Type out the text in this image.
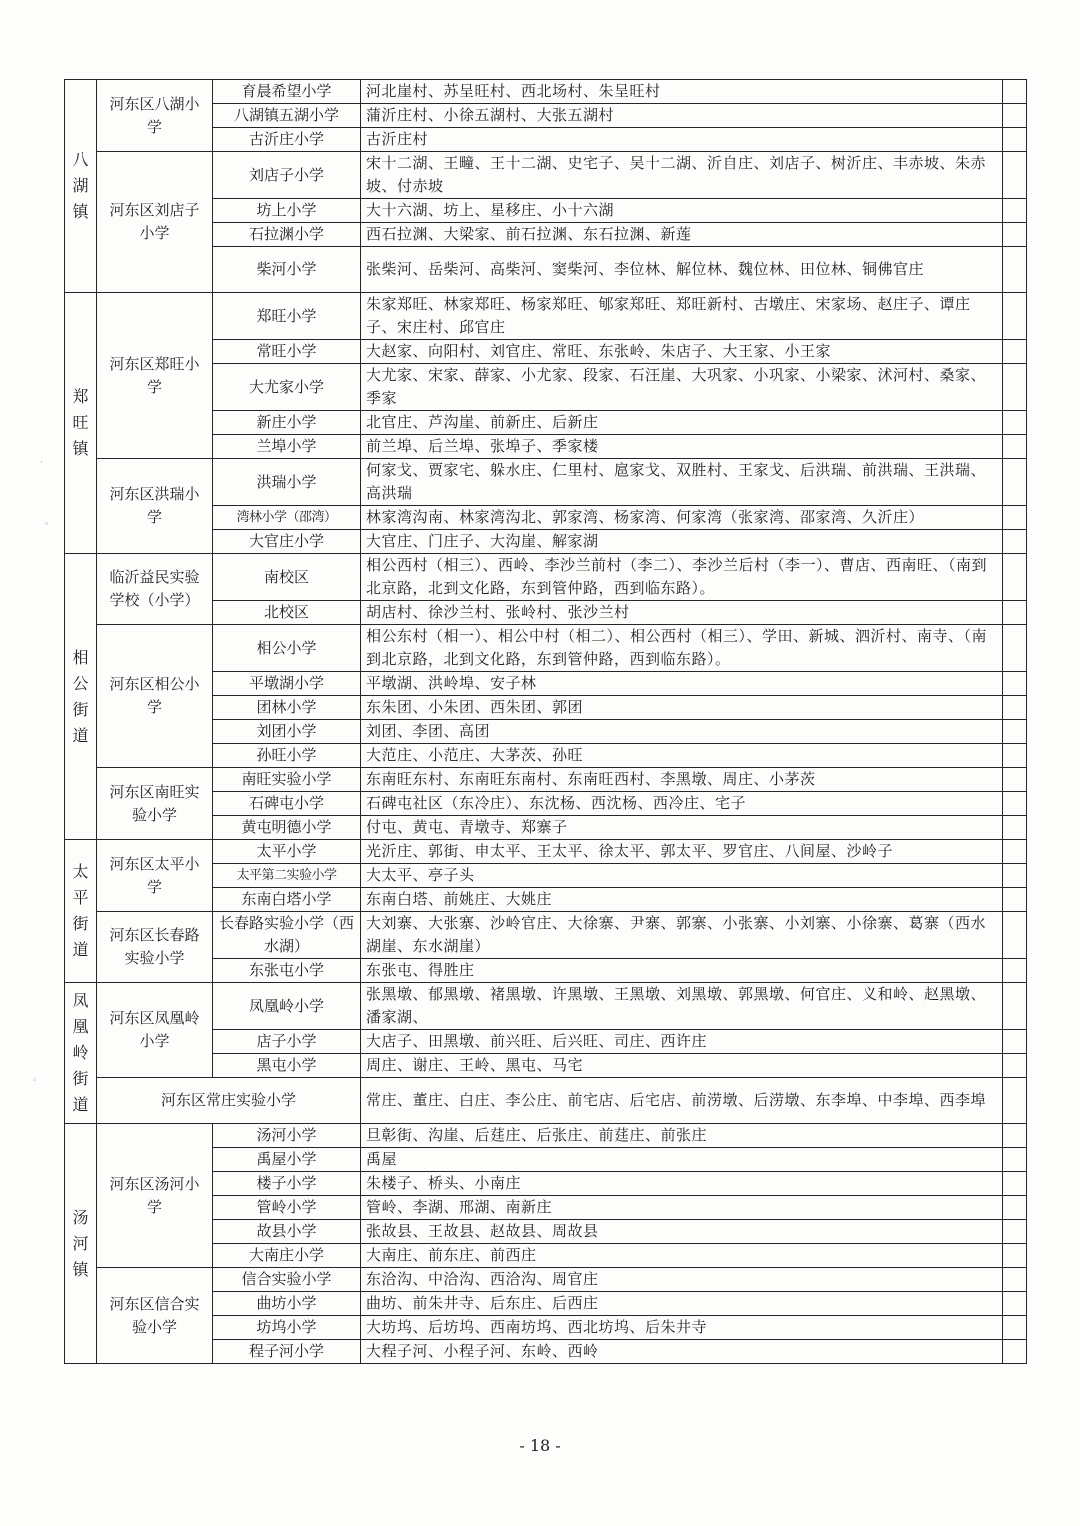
八湖镇	河东区八湖小学	育晨希望小学	河北崖村、苏呈旺村、西北场村、朱呈旺村	
		八湖镇五湖小学	蒲沂庄村、小徐五湖村、大张五湖村	
		古沂庄小学	古沂庄村	
	河东区刘店子小学	刘店子小学	宋十二湖、王疃、王十二湖、史宅子、吴十二湖、沂自庄、刘店子、树沂庄、丰赤坡、朱赤坡、付赤坡	
		坊上小学	大十六湖、坊上、星移庄、小十六湖	
		石拉渊小学	西石拉渊、大梁家、前石拉渊、东石拉渊、新莲	
		柴河小学	张柴河、岳柴河、高柴河、窦柴河、李位林、解位林、魏位林、田位林、铜佛官庄	

郑旺镇	河东区郑旺小学	郑旺小学	朱家郑旺、林家郑旺、杨家郑旺、郇家郑旺、郑旺新村、古墩庄、宋家场、赵庄子、谭庄子、宋庄村、邱官庄	
		常旺小学	大赵家、向阳村、刘官庄、常旺、东张岭、朱店子、大王家、小王家	
		大尤家小学	大尤家、宋家、薛家、小尤家、段家、石汪崖、大巩家、小巩家、小梁家、沭河村、桑家、季家	
		新庄小学	北官庄、芦沟崖、前新庄、后新庄	
		兰埠小学	前兰埠、后兰埠、张埠子、季家楼	
	河东区洪瑞小学	洪瑞小学	何家戈、贾家宅、躲水庄、仁里村、扈家戈、双胜村、王家戈、后洪瑞、前洪瑞、王洪瑞、高洪瑞	
		湾林小学（邵湾）	林家湾沟南、林家湾沟北、郭家湾、杨家湾、何家湾（张家湾、邵家湾、久沂庄）	
		大官庄小学	大官庄、门庄子、大沟崖、解家湖	

相公街道	临沂益民实验学校（小学）	南校区	相公西村（相三）、西岭、李沙兰前村（李二）、李沙兰后村（李一）、曹店、西南旺、（南到北京路，北到文化路，东到管仲路，西到临东路）。	
		北校区	胡店村、徐沙兰村、张岭村、张沙兰村	
	河东区相公小学	相公小学	相公东村（相一）、相公中村（相二）、相公西村（相三）、学田、新城、泗沂村、南寺、（南到北京路，北到文化路，东到管仲路，西到临东路）。	
		平墩湖小学	平墩湖、洪岭埠、安子林	
		团林小学	东朱团、小朱团、西朱团、郭团	
		刘团小学	刘团、李团、高团	
		孙旺小学	大范庄、小范庄、大茅茨、孙旺	
	河东区南旺实验小学	南旺实验小学	东南旺东村、东南旺东南村、东南旺西村、李黑墩、周庄、小茅茨	
		石碑屯小学	石碑屯社区（东冷庄）、东沈杨、西沈杨、西冷庄、宅子	
		黄屯明德小学	付屯、黄屯、青墩寺、郑寨子	

太平街道	河东区太平小学	太平小学	光沂庄、郭街、申太平、王太平、徐太平、郭太平、罗官庄、八间屋、沙岭子	
		太平第二实验小学	大太平、亭子头	
		东南白塔小学	东南白塔、前姚庄、大姚庄	
	河东区长春路实验小学	长春路实验小学（西水湖）	大刘寨、大张寨、沙岭官庄、大徐寨、尹寨、郭寨、小张寨、小刘寨、小徐寨、葛寨（西水湖崖、东水湖崖）	
		东张屯小学	东张屯、得胜庄	

凤凰岭街道	河东区凤凰岭小学	凤凰岭小学	张黑墩、郁黑墩、褚黑墩、许黑墩、王黑墩、刘黑墩、郭黑墩、何官庄、义和岭、赵黑墩、潘家湖、	
		店子小学	大店子、田黑墩、前兴旺、后兴旺、司庄、西许庄	
		黑屯小学	周庄、谢庄、王岭、黑屯、马宅	
	河东区常庄实验小学		常庄、董庄、白庄、李公庄、前宅店、后宅店、前涝墩、后涝墩、东李埠、中李埠、西李埠	

汤河镇	河东区汤河小学	汤河小学	旦彰街、沟崖、后莛庄、后张庄、前莛庄、前张庄	
		禹屋小学	禹屋	
		楼子小学	朱楼子、桥头、小南庄	
		管岭小学	管岭、李湖、邢湖、南新庄	
		故县小学	张故县、王故县、赵故县、周故县	
		大南庄小学	大南庄、前东庄、前西庄	
	河东区信合实验小学	信合实验小学	东洽沟、中洽沟、西洽沟、周官庄	
		曲坊小学	曲坊、前朱井寺、后东庄、后西庄	
		坊坞小学	大坊坞、后坊坞、西南坊坞、西北坊坞、后朱井寺	
		程子河小学	大程子河、小程子河、东岭、西岭	
- 18 -
·
◦
◦
